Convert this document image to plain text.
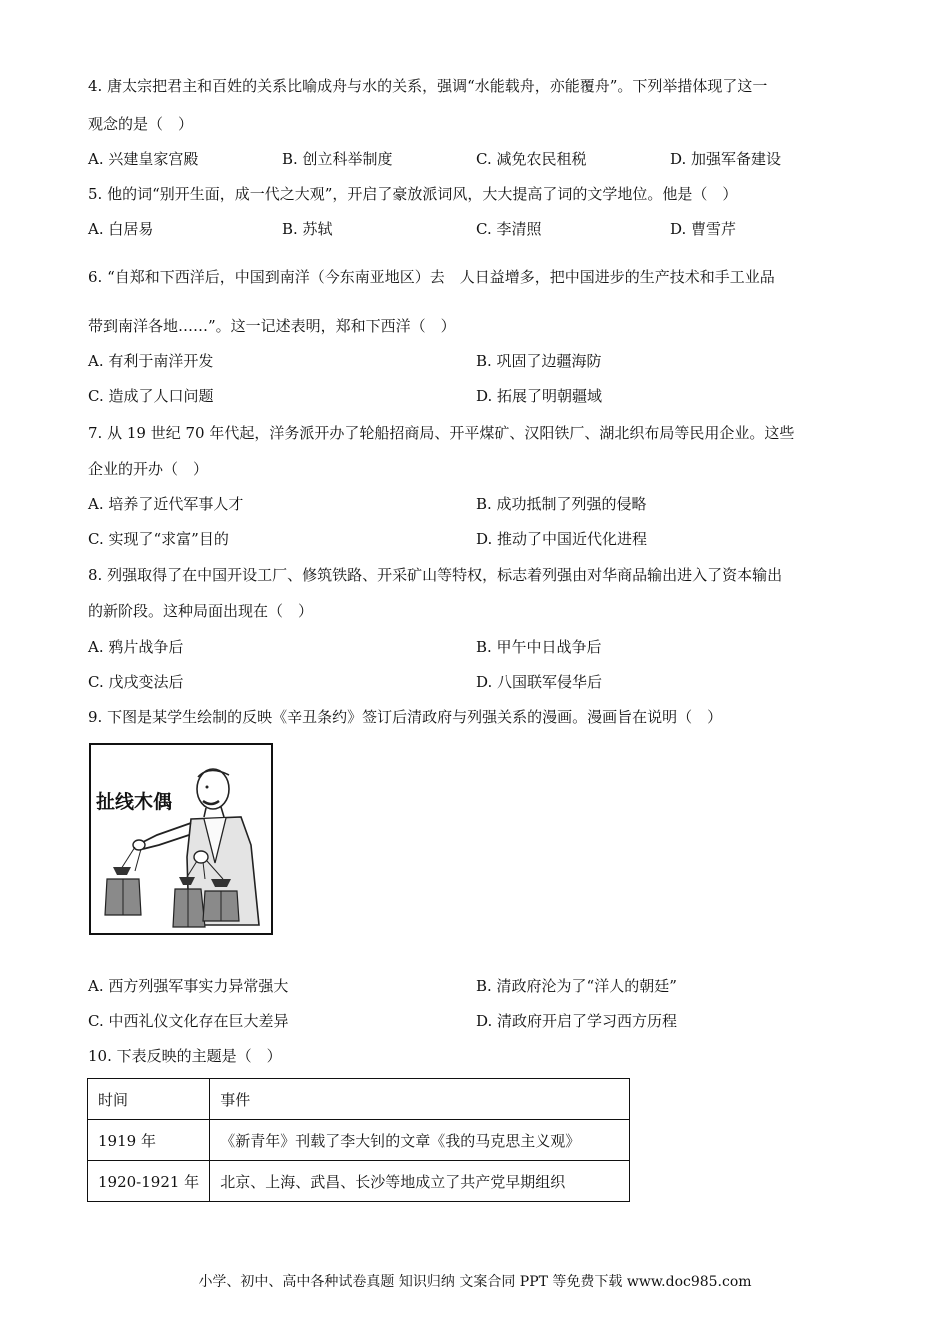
4. 唐太宗把君主和百姓的关系比喻成舟与水的关系，强调“水能载舟，亦能覆舟”。下列举措体现了这一
观念的是（　）
A. 兴建皇家宫殿	B. 创立科举制度	C. 减免农民租税	D. 加强军备建设
5. 他的词“别开生面，成一代之大观”，开启了豪放派词风，大大提高了词的文学地位。他是（　）
A. 白居易	B. 苏轼	C. 李清照	D. 曹雪芹
6. “自郑和下西洋后，中国到南洋（今东南亚地区）去　人日益增多，把中国进步的生产技术和手工业品
带到南洋各地……”。这一记述表明，郑和下西洋（　）
A. 有利于南洋开发	B. 巩固了边疆海防
C. 造成了人口问题	D. 拓展了明朝疆域
7. 从 19 世纪 70 年代起，洋务派开办了轮船招商局、开平煤矿、汉阳铁厂、湖北织布局等民用企业。这些
企业的开办（　）
A. 培养了近代军事人才	B. 成功抵制了列强的侵略
C. 实现了“求富”目的	D. 推动了中国近代化进程
8. 列强取得了在中国开设工厂、修筑铁路、开采矿山等特权，标志着列强由对华商品输出进入了资本输出
的新阶段。这种局面出现在（　）
A. 鸦片战争后	B. 甲午中日战争后
C. 戊戌变法后	D. 八国联军侵华后
9. 下图是某学生绘制的反映《辛丑条约》签订后清政府与列强关系的漫画。漫画旨在说明（　）
扯线木偶
A. 西方列强军事实力异常强大	B. 清政府沦为了“洋人的朝廷”
C. 中西礼仪文化存在巨大差异	D. 清政府开启了学习西方历程
10. 下表反映的主题是（　）
时间	事件
1919 年	《新青年》刊载了李大钊的文章《我的马克思主义观》
1920-1921 年	北京、上海、武昌、长沙等地成立了共产党早期组织
小学、初中、高中各种试卷真题 知识归纳 文案合同 PPT 等免费下载 www.doc985.com
